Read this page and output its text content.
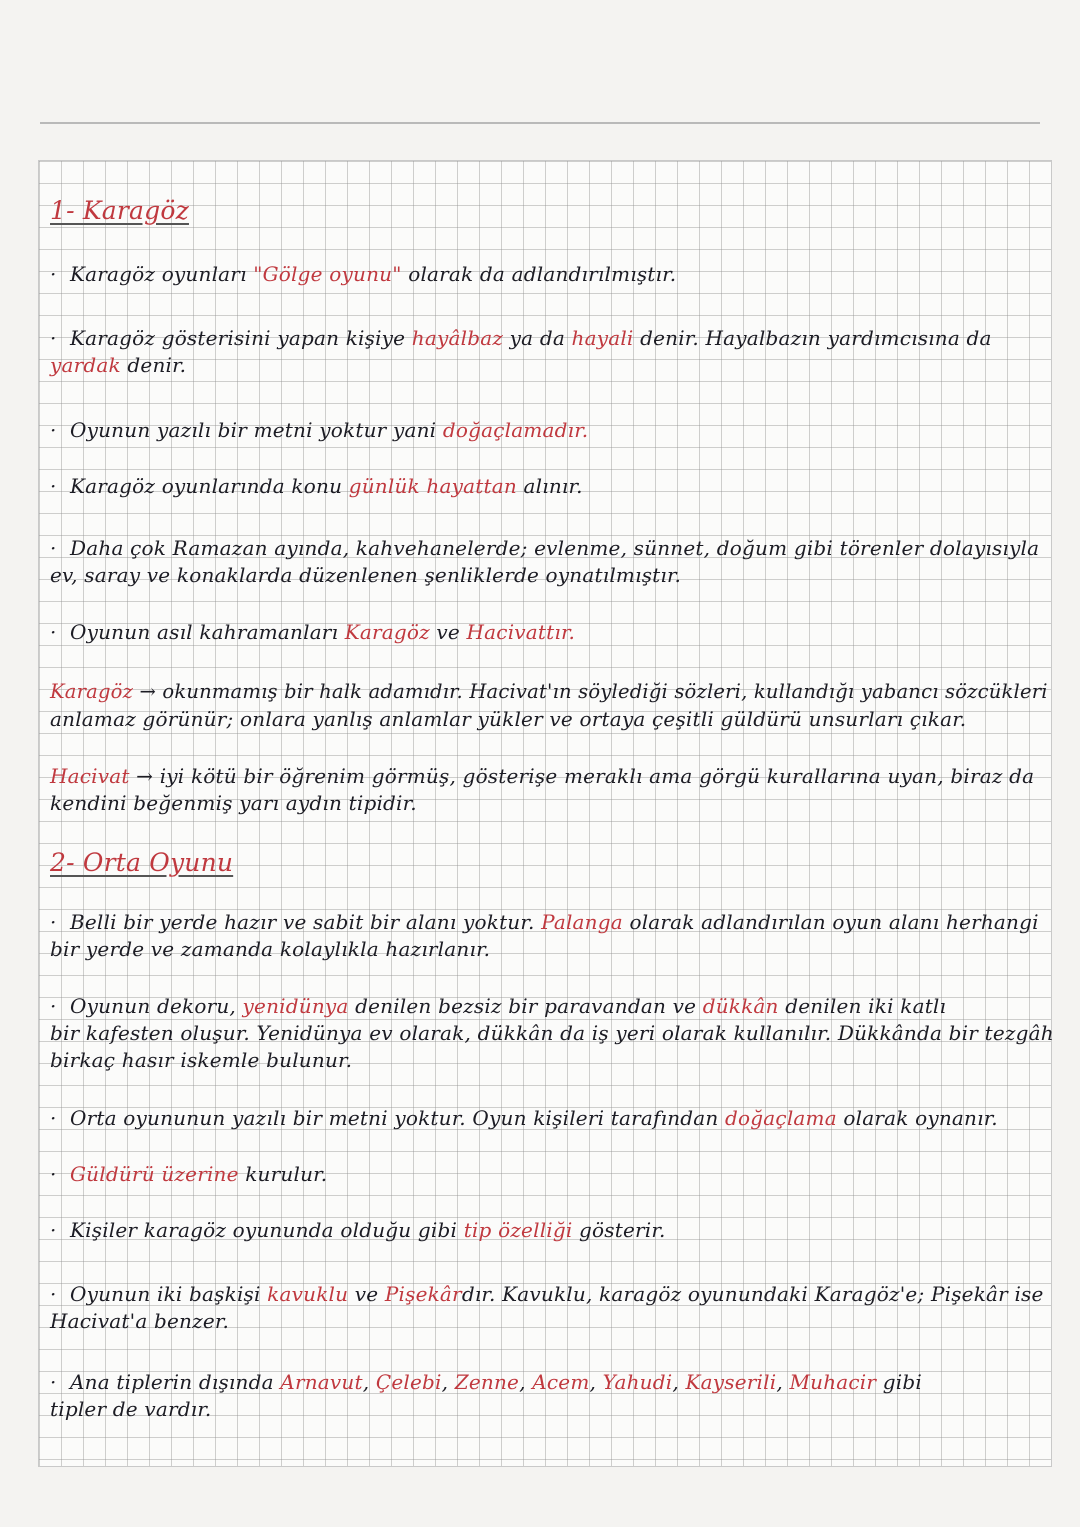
1- Karagöz
· Karagöz oyunları "Gölge oyunu" olarak da adlandırılmıştır.
· Karagöz gösterisini yapan kişiye hayâlbaz ya da hayali denir. Hayalbazın yardımcısına da
yardak denir.
· Oyunun yazılı bir metni yoktur yani doğaçlamadır.
· Karagöz oyunlarında konu günlük hayattan alınır.
· Daha çok Ramazan ayında, kahvehanelerde; evlenme, sünnet, doğum gibi törenler dolayısıyla
ev, saray ve konaklarda düzenlenen şenliklerde oynatılmıştır.
· Oyunun asıl kahramanları Karagöz ve Hacivattır.
Karagöz → okunmamış bir halk adamıdır. Hacivat'ın söylediği sözleri, kullandığı yabancı sözcükleri
anlamaz görünür; onlara yanlış anlamlar yükler ve ortaya çeşitli güldürü unsurları çıkar.
Hacivat → iyi kötü bir öğrenim görmüş, gösterişe meraklı ama görgü kurallarına uyan, biraz da
kendini beğenmiş yarı aydın tipidir.
2- Orta Oyunu
· Belli bir yerde hazır ve sabit bir alanı yoktur. Palanga olarak adlandırılan oyun alanı herhangi
bir yerde ve zamanda kolaylıkla hazırlanır.
· Oyunun dekoru, yenidünya denilen bezsiz bir paravandan ve dükkân denilen iki katlı
bir kafesten oluşur. Yenidünya ev olarak, dükkân da iş yeri olarak kullanılır. Dükkânda bir tezgâh
birkaç hasır iskemle bulunur.
· Orta oyununun yazılı bir metni yoktur. Oyun kişileri tarafından doğaçlama olarak oynanır.
· Güldürü üzerine kurulur.
· Kişiler karagöz oyununda olduğu gibi tip özelliği gösterir.
· Oyunun iki başkişi kavuklu ve Pişekârdır. Kavuklu, karagöz oyunundaki Karagöz'e; Pişekâr ise
Hacivat'a benzer.
· Ana tiplerin dışında Arnavut, Çelebi, Zenne, Acem, Yahudi, Kayserili, Muhacir gibi
tipler de vardır.
